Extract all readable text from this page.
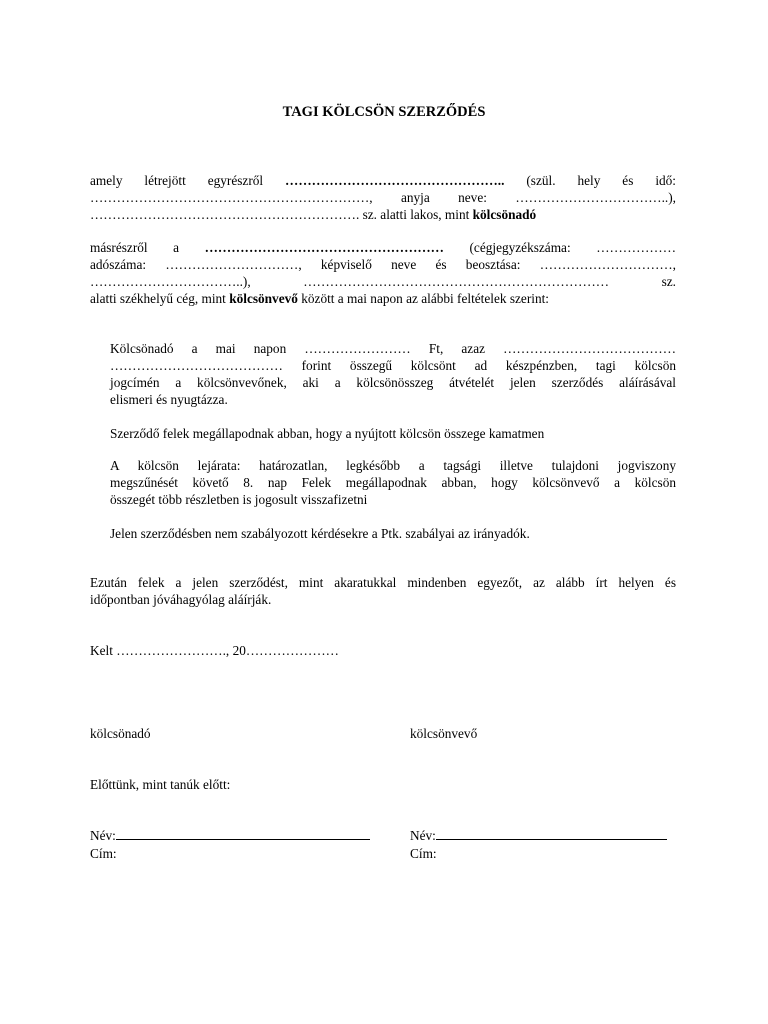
TAGI KÖLCSÖN SZERZŐDÉS
amely létrejött egyrészről ………………………………………….. (szül. hely és idő:
………………………………………………………, anyja neve: ……………………………..),
……………………………………………………. sz. alatti lakos, mint kölcsönadó
másrészről a ……………………………………………… (cégjegyzékszáma: ………………
adószáma: …………………………, képviselő neve és beosztása: …………………………,
……………………………..), …………………………………………………………… sz.
alatti székhelyű cég, mint kölcsönvevő között a mai napon az alábbi feltételek szerint:
Kölcsönadó a mai napon …………………… Ft, azaz …………………………………
………………………………… forint összegű kölcsönt ad készpénzben, tagi kölcsön
jogcímén a kölcsönvevőnek, aki a kölcsönösszeg átvételét jelen szerződés aláírásával
elismeri és nyugtázza.
Szerződő felek megállapodnak abban, hogy a nyújtott kölcsön összege kamatmen
A kölcsön lejárata: határozatlan, legkésőbb a tagsági illetve tulajdoni jogviszony
megszűnését követő 8. nap Felek megállapodnak abban, hogy kölcsönvevő a kölcsön
összegét több részletben is jogosult visszafizetni
Jelen szerződésben nem szabályozott kérdésekre a Ptk. szabályai az irányadók.
Ezután felek a jelen szerződést, mint akaratukkal mindenben egyezőt, az alább írt helyen és
időpontban jóváhagyólag aláírják.
Kelt ……………………., 20…………………
kölcsönadó	kölcsönvevő
Előttünk, mint tanúk előtt:
Név:
Cím:
Név:
Cím:
